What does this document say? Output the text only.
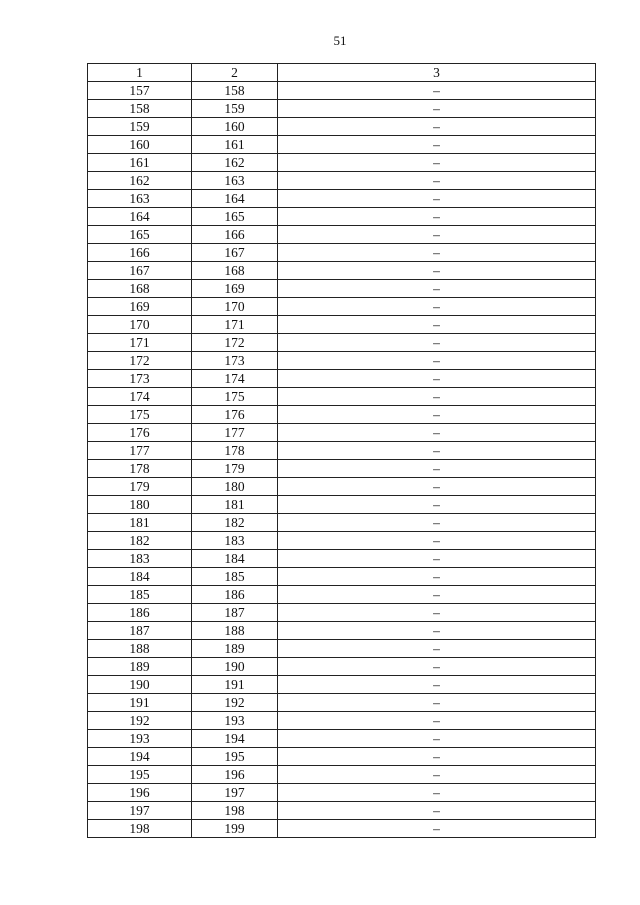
51
1	2	3
157	158	–
158	159	–
159	160	–
160	161	–
161	162	–
162	163	–
163	164	–
164	165	–
165	166	–
166	167	–
167	168	–
168	169	–
169	170	–
170	171	–
171	172	–
172	173	–
173	174	–
174	175	–
175	176	–
176	177	–
177	178	–
178	179	–
179	180	–
180	181	–
181	182	–
182	183	–
183	184	–
184	185	–
185	186	–
186	187	–
187	188	–
188	189	–
189	190	–
190	191	–
191	192	–
192	193	–
193	194	–
194	195	–
195	196	–
196	197	–
197	198	–
198	199	–
